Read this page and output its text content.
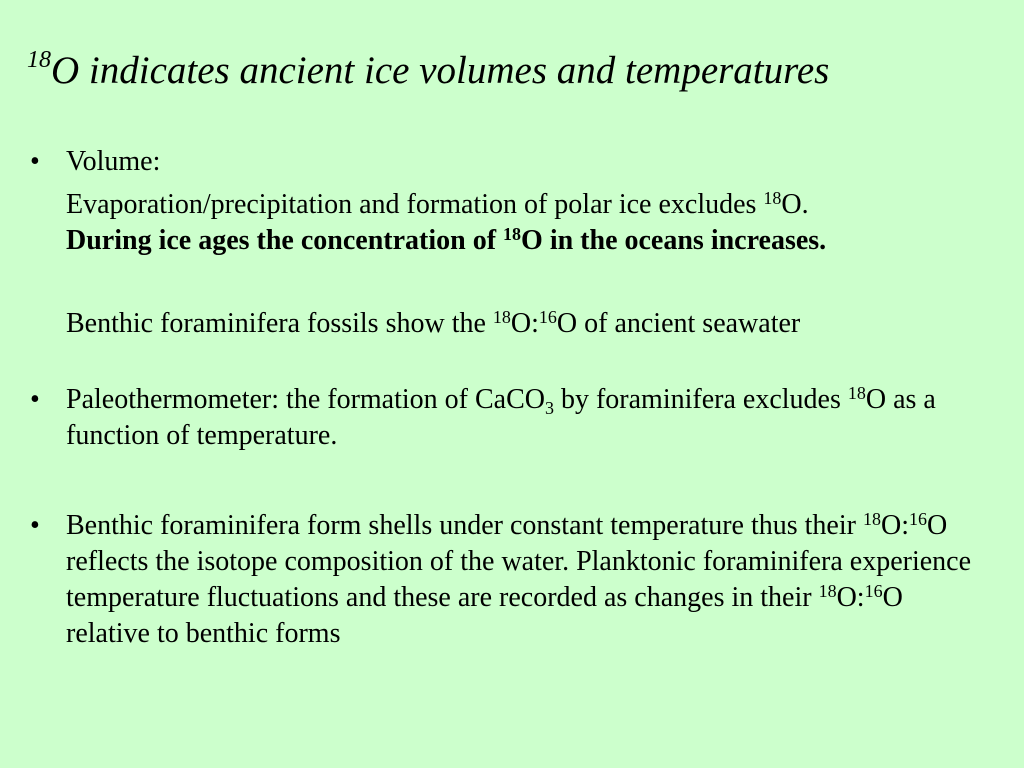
$^{18}$O indicates ancient ice volumes and temperatures
• Volume:
Evaporation/precipitation and formation of polar ice excludes $^{18}$O.
During ice ages the concentration of $^{18}$O in the oceans increases.
Benthic foraminifera fossils show the $^{18}$O:$^{16}$O of ancient seawater
• Paleothermometer: the formation of CaCO$_3$ by foraminifera excludes $^{18}$O as a function of temperature.
• Benthic foraminifera form shells under constant temperature thus their $^{18}$O:$^{16}$O reflects the isotope composition of the water. Planktonic foraminifera experience temperature fluctuations and these are recorded as changes in their $^{18}$O:$^{16}$O relative to benthic forms
